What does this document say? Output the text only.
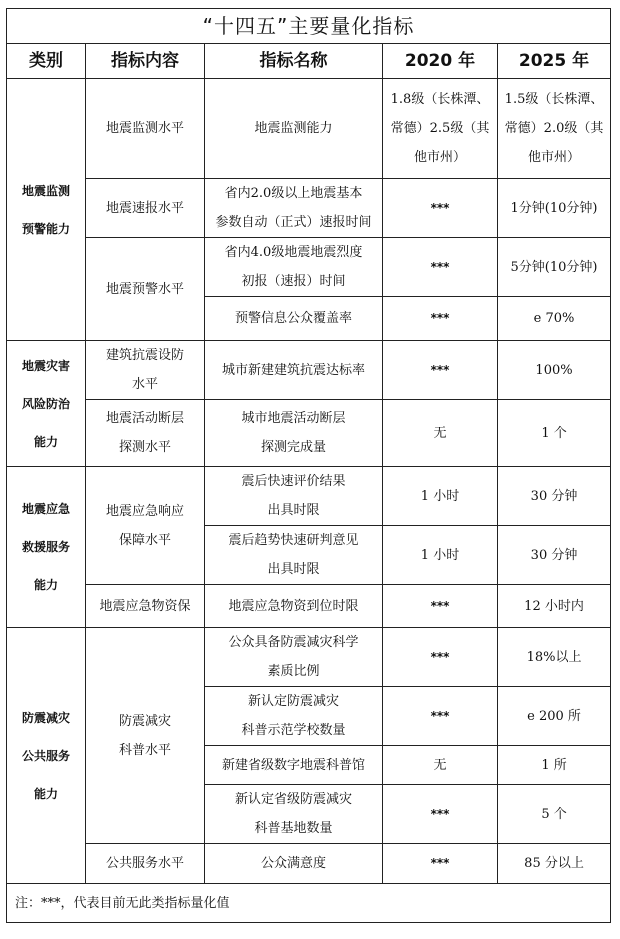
“十四五”主要量化指标				
类别	指标内容	指标名称	2020 年	2025 年

地震监测
预警能力	地震监测水平	地震监测能力	1.8级（长株潭、
常德）2.5级（其
他市州）	1.5级（长株潭、
常德）2.0级（其
他市州）

	地震速报水平	省内2.0级以上地震基本
参数自动（正式）速报时间	***	1分钟(10分钟)

	地震预警水平	省内4.0级地震地震烈度
初报（速报）时间	***	5分钟(10分钟)

		预警信息公众覆盖率	***	e 70%

地震灾害
风险防治
能力	建筑抗震设防
水平	城市新建建筑抗震达标率	***	100%

	地震活动断层
探测水平	城市地震活动断层
探测完成量	无	1 个

地震应急
救援服务
能力	地震应急响应
保障水平	震后快速评价结果
出具时限	1 小时	30 分钟

		震后趋势快速研判意见
出具时限	1 小时	30 分钟

	地震应急物资保	地震应急物资到位时限	***	12 小时内

防震减灾
公共服务
能力	防震减灾
科普水平	公众具备防震减灾科学
素质比例	***	18%以上

		新认定防震减灾
科普示范学校数量	***	e 200 所

		新建省级数字地震科普馆	无	1 所

		新认定省级防震减灾
科普基地数量	***	5 个

	公共服务水平	公众满意度	***	85 分以上

注：***，代表目前无此类指标量化值				
